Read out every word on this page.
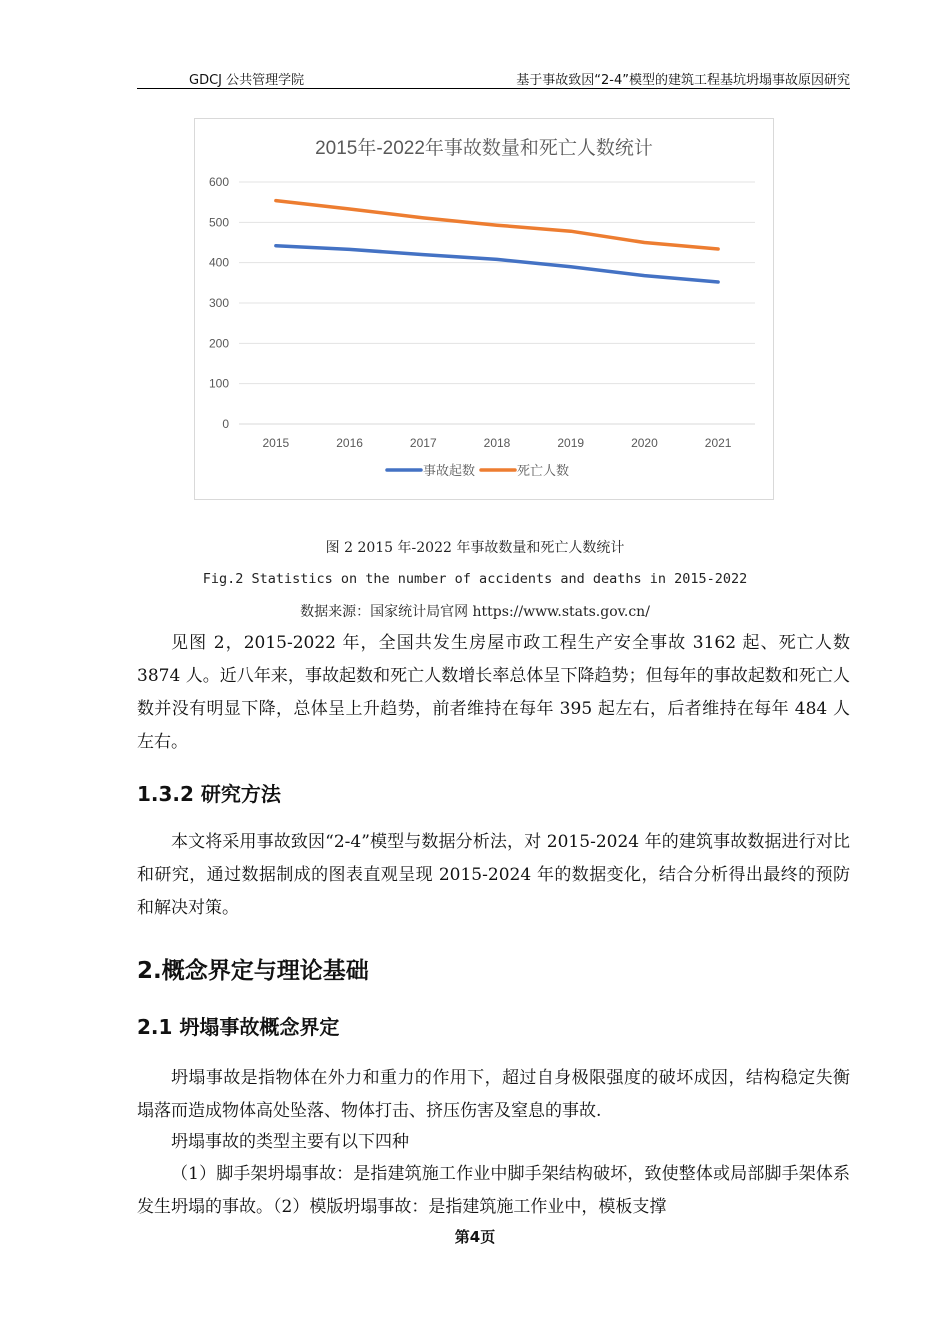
GDCJ 公共管理学院	基于事故致因“2-4”模型的建筑工程基坑坍塌事故原因研究
2015年-2022年事故数量和死亡人数统计
0
100
200
300
400
500
600
2015	2016	2017	2018	2019	2020	2021
事故起数	死亡人数
图 2 2015 年-2022 年事故数量和死亡人数统计
Fig.2 Statistics on the number of accidents and deaths in 2015-2022
数据来源：国家统计局官网 https://www.stats.gov.cn/

见图 2，2015-2022 年，全国共发生房屋市政工程生产安全事故 3162 起、死亡人数 3874 人。近八年来，事故起数和死亡人数增长率总体呈下降趋势；但每年的事故起数和死亡人数并没有明显下降，总体呈上升趋势，前者维持在每年 395 起左右，后者维持在每年 484 人左右。

1.3.2 研究方法

本文将采用事故致因“2-4”模型与数据分析法，对 2015-2024 年的建筑事故数据进行对比和研究，通过数据制成的图表直观呈现 2015-2024 年的数据变化，结合分析得出最终的预防和解决对策。

2.概念界定与理论基础
2.1 坍塌事故概念界定

坍塌事故是指物体在外力和重力的作用下，超过自身极限强度的破坏成因，结构稳定失衡塌落而造成物体高处坠落、物体打击、挤压伤害及窒息的事故.

坍塌事故的类型主要有以下四种

（1）脚手架坍塌事故：是指建筑施工作业中脚手架结构破坏，致使整体或局部脚手架体系发生坍塌的事故。（2）模版坍塌事故：是指建筑施工作业中，模板支撑

第4页
